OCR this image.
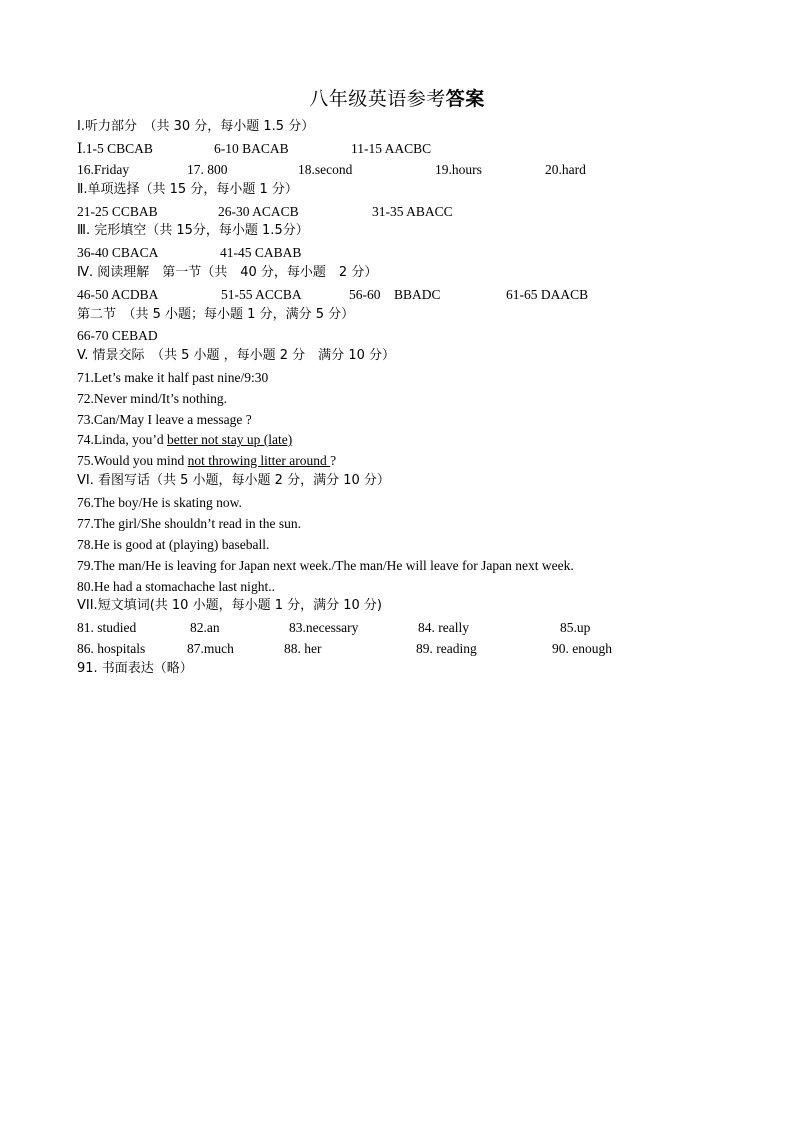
八年级英语参考答案
Ⅰ.听力部分　（共 30 分，每小题 1.5 分）
Ⅰ.1-5 CBCAB	6-10 BACAB	11-15 AACBC
16.Friday	17. 800	18.second	19.hours	20.hard
Ⅱ.单项选择（共 15 分，每小题 1 分）
21-25 CCBAB	26-30 ACACB	31-35 ABACC
Ⅲ. 完形填空（共 15分，每小题 1.5分）
36-40 CBACA	41-45 CABAB
Ⅳ. 阅读理解　第一节（共　40 分，每小题　2 分）
46-50 ACDBA	51-55 ACCBA	56-60　BBADC	61-65 DAACB
第二节　（共 5 小题；每小题 1 分，满分 5 分）
66-70 CEBAD
V. 情景交际　（共 5 小题 ，每小题 2 分　满分 10 分）
71.Let’s make it half past nine/9:30
72.Never mind/It’s nothing.
73.Can/May I leave a message ?
74.Linda, you’d better not stay up (late)
75.Would you mind not throwing litter around ?
VI. 看图写话（共 5 小题，每小题 2 分，满分 10 分）
76.The boy/He is skating now.
77.The girl/She shouldn’t read in the sun.
78.He is good at (playing) baseball.
79.The man/He is leaving for Japan next week./The man/He will leave for Japan next week.
80.He had a stomachache last night..
VII.短文填词(共 10 小题，每小题 1 分，满分 10 分)
81. studied	82.an	83.necessary	84. really	85.up
86. hospitals	87.much	88. her	89. reading	90. enough
91. 书面表达（略）
